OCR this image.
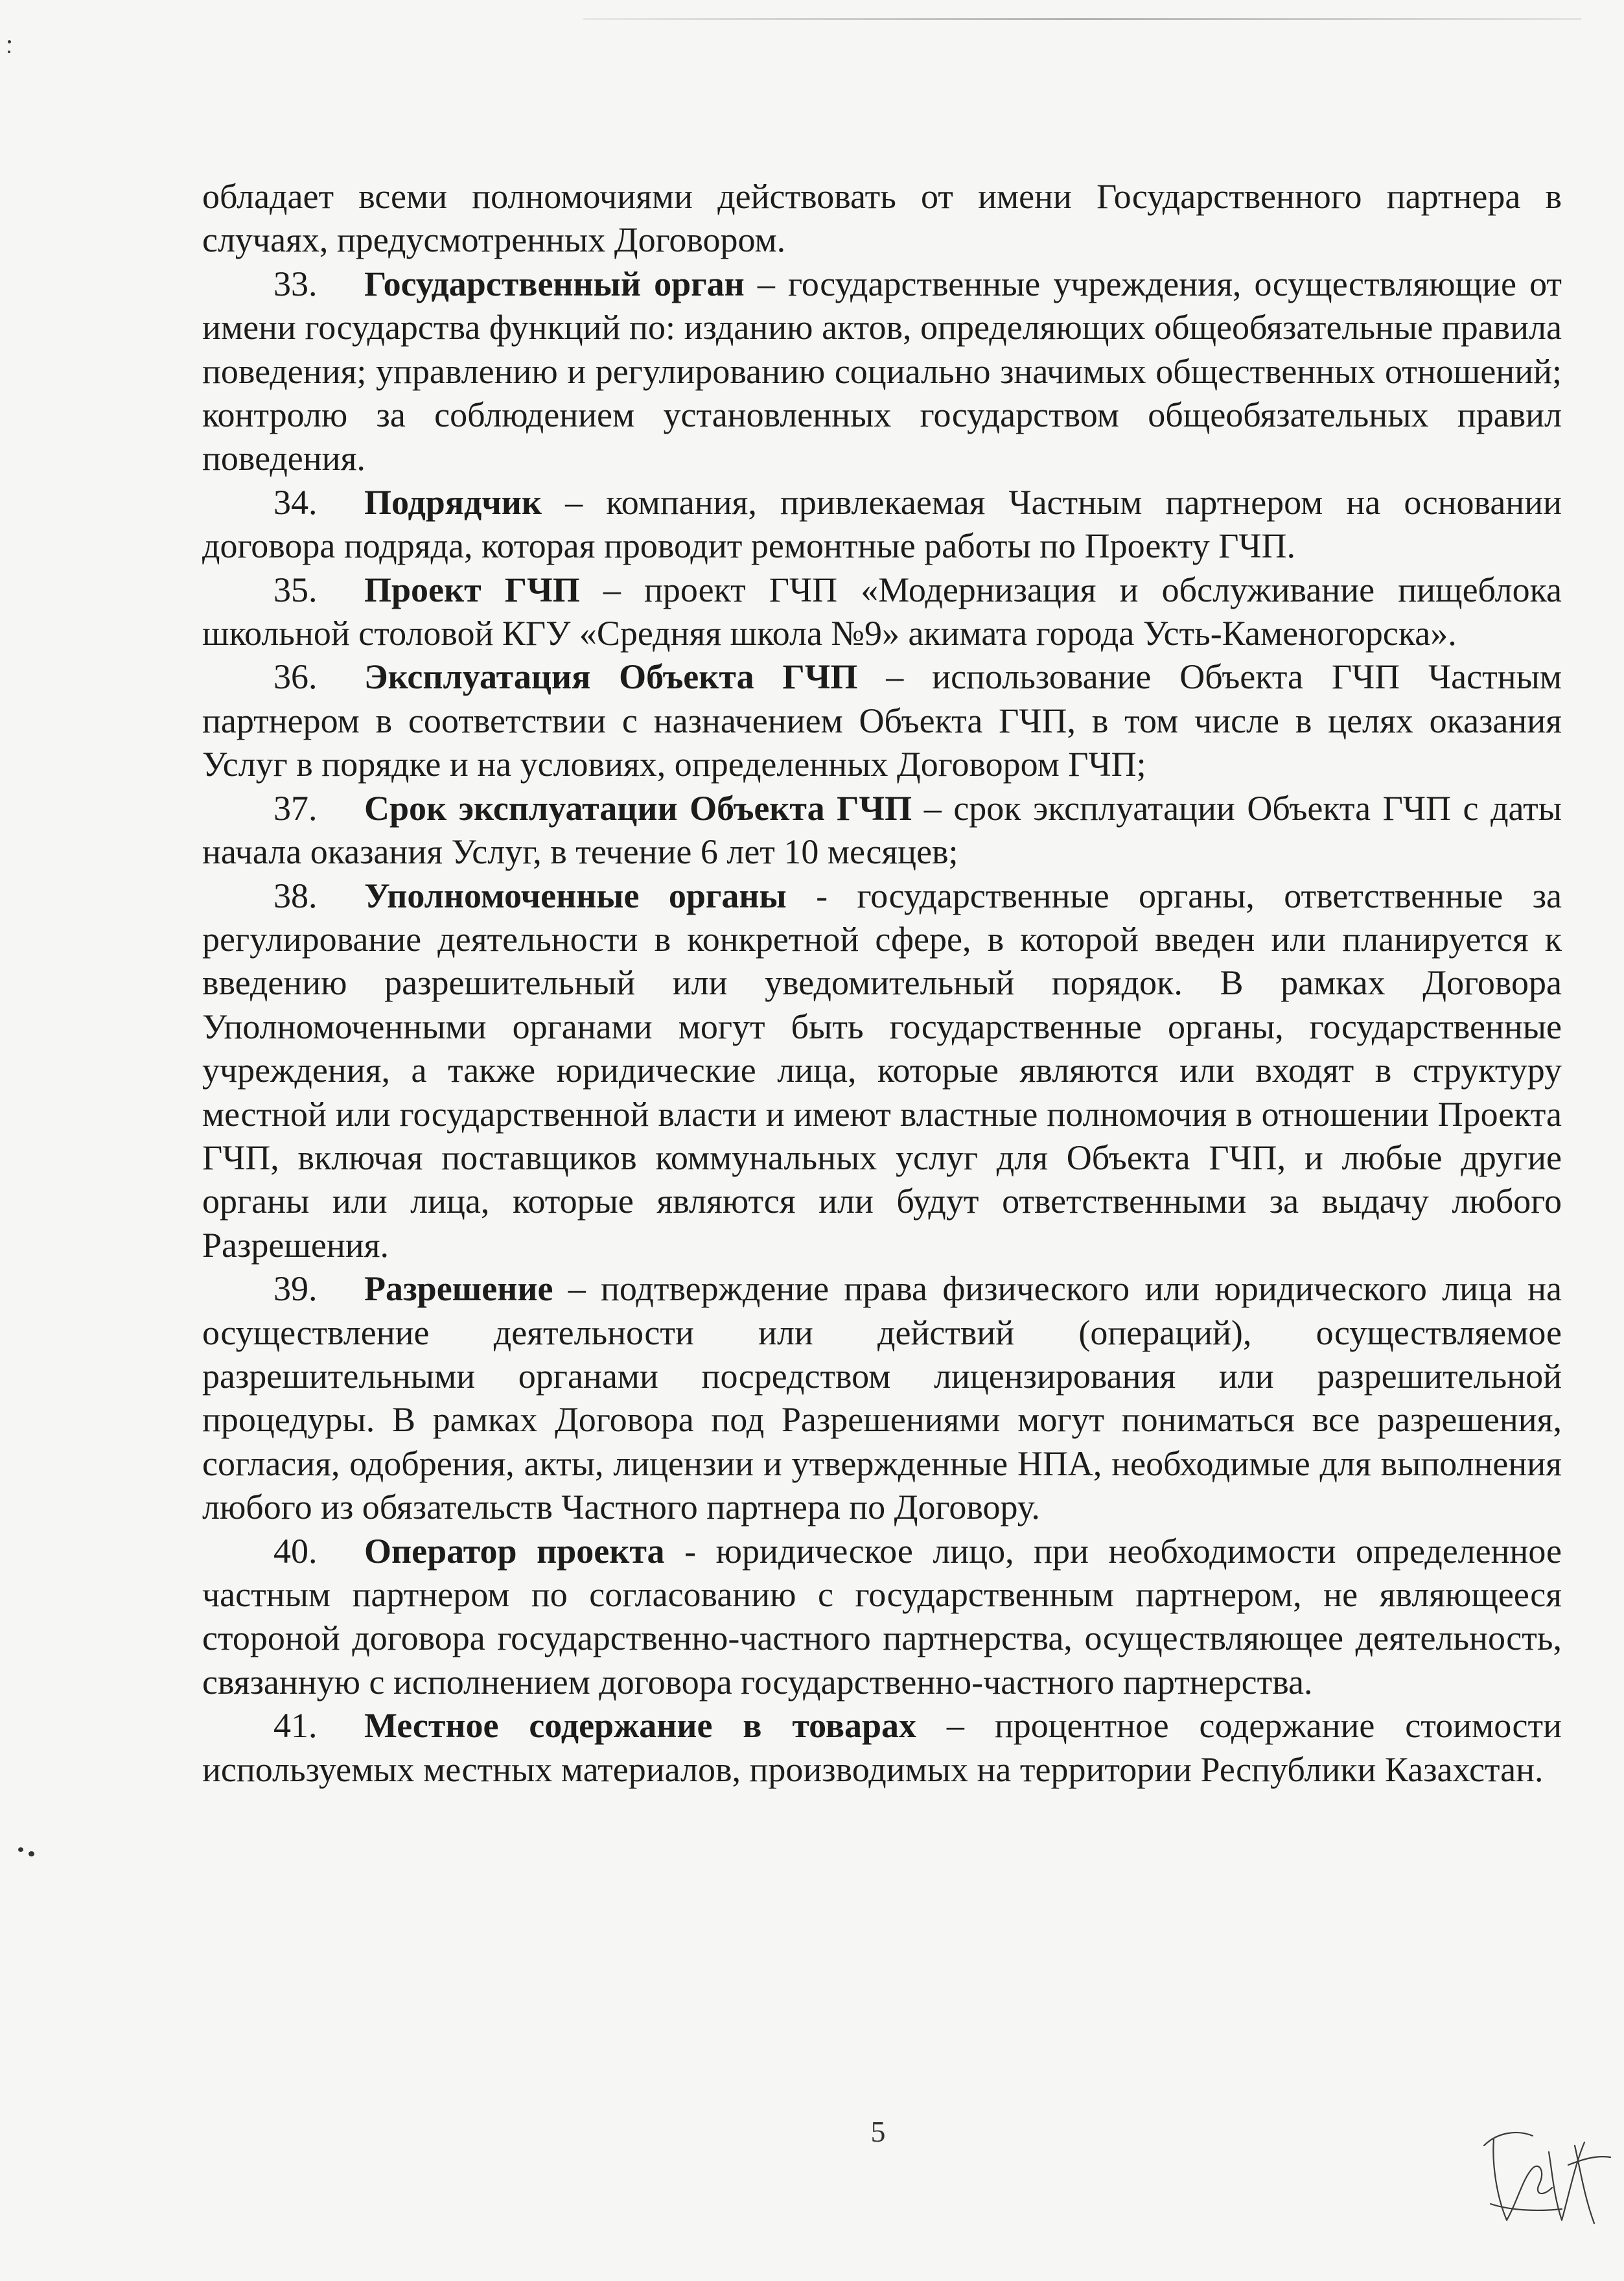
обладает всеми полномочиями действовать от имени Государственного партнера в случаях, предусмотренных Договором.

33. Государственный орган – государственные учреждения, осуществляющие от имени государства функций по: изданию актов, определяющих общеобязательные правила поведения; управлению и регулированию социально значимых общественных отношений; контролю за соблюдением установленных государством общеобязательных правил поведения.

34. Подрядчик – компания, привлекаемая Частным партнером на основании договора подряда, которая проводит ремонтные работы по Проекту ГЧП.

35. Проект ГЧП – проект ГЧП «Модернизация и обслуживание пищеблока школьной столовой КГУ «Средняя школа №9» акимата города Усть-Каменогорска».

36. Эксплуатация Объекта ГЧП – использование Объекта ГЧП Частным партнером в соответствии с назначением Объекта ГЧП, в том числе в целях оказания Услуг в порядке и на условиях, определенных Договором ГЧП;

37. Срок эксплуатации Объекта ГЧП – срок эксплуатации Объекта ГЧП с даты начала оказания Услуг, в течение 6 лет 10 месяцев;

38. Уполномоченные органы - государственные органы, ответственные за регулирование деятельности в конкретной сфере, в которой введен или планируется к введению разрешительный или уведомительный порядок. В рамках Договора Уполномоченными органами могут быть государственные органы, государственные учреждения, а также юридические лица, которые являются или входят в структуру местной или государственной власти и имеют властные полномочия в отношении Проекта ГЧП, включая поставщиков коммунальных услуг для Объекта ГЧП, и любые другие органы или лица, которые являются или будут ответственными за выдачу любого Разрешения.

39. Разрешение – подтверждение права физического или юридического лица на осуществление деятельности или действий (операций), осуществляемое разрешительными органами посредством лицензирования или разрешительной процедуры. В рамках Договора под Разрешениями могут пониматься все разрешения, согласия, одобрения, акты, лицензии и утвержденные НПА, необходимые для выполнения любого из обязательств Частного партнера по Договору.

40. Оператор проекта - юридическое лицо, при необходимости определенное частным партнером по согласованию с государственным партнером, не являющееся стороной договора государственно-частного партнерства, осуществляющее деятельность, связанную с исполнением договора государственно-частного партнерства.

41. Местное содержание в товарах – процентное содержание стоимости используемых местных материалов, производимых на территории Республики Казахстан.

5
